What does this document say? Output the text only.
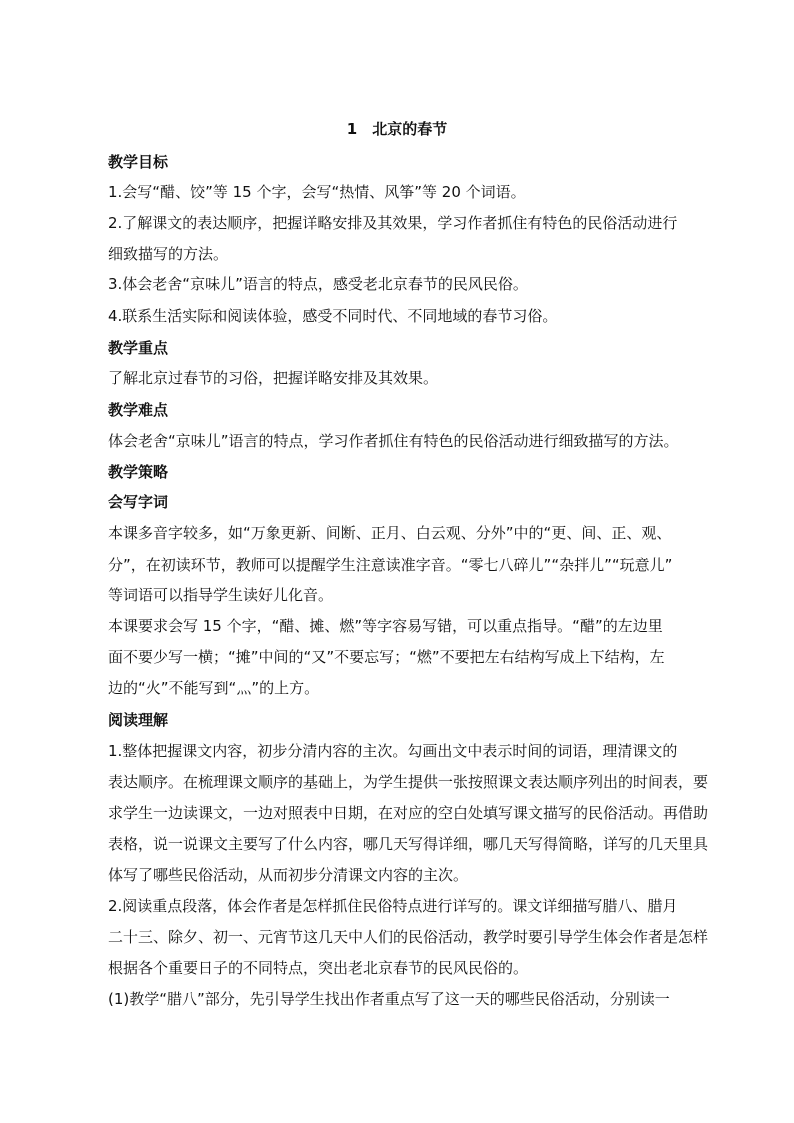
1　北京的春节
教学目标
1.会写“醋、饺”等 15 个字，会写“热情、风筝”等 20 个词语。
2.了解课文的表达顺序，把握详略安排及其效果，学习作者抓住有特色的民俗活动进行
细致描写的方法。
3.体会老舍“京味儿”语言的特点，感受老北京春节的民风民俗。
4.联系生活实际和阅读体验，感受不同时代、不同地域的春节习俗。
教学重点
了解北京过春节的习俗，把握详略安排及其效果。
教学难点
体会老舍“京味儿”语言的特点，学习作者抓住有特色的民俗活动进行细致描写的方法。
教学策略
会写字词
本课多音字较多，如“万象更新、间断、正月、白云观、分外”中的“更、间、正、观、
分”，在初读环节，教师可以提醒学生注意读准字音。“零七八碎儿”“杂拌儿”“玩意儿”
等词语可以指导学生读好儿化音。
本课要求会写 15 个字，“醋、摊、燃”等字容易写错，可以重点指导。“醋”的左边里
面不要少写一横；“摊”中间的“又”不要忘写；“燃”不要把左右结构写成上下结构，左
边的“火”不能写到“灬”的上方。
阅读理解
1.整体把握课文内容，初步分清内容的主次。勾画出文中表示时间的词语，理清课文的
表达顺序。在梳理课文顺序的基础上，为学生提供一张按照课文表达顺序列出的时间表，要
求学生一边读课文，一边对照表中日期，在对应的空白处填写课文描写的民俗活动。再借助
表格，说一说课文主要写了什么内容，哪几天写得详细，哪几天写得简略，详写的几天里具
体写了哪些民俗活动，从而初步分清课文内容的主次。
2.阅读重点段落，体会作者是怎样抓住民俗特点进行详写的。课文详细描写腊八、腊月
二十三、除夕、初一、元宵节这几天中人们的民俗活动，教学时要引导学生体会作者是怎样
根据各个重要日子的不同特点，突出老北京春节的民风民俗的。
(1)教学“腊八”部分，先引导学生找出作者重点写了这一天的哪些民俗活动，分别读一
